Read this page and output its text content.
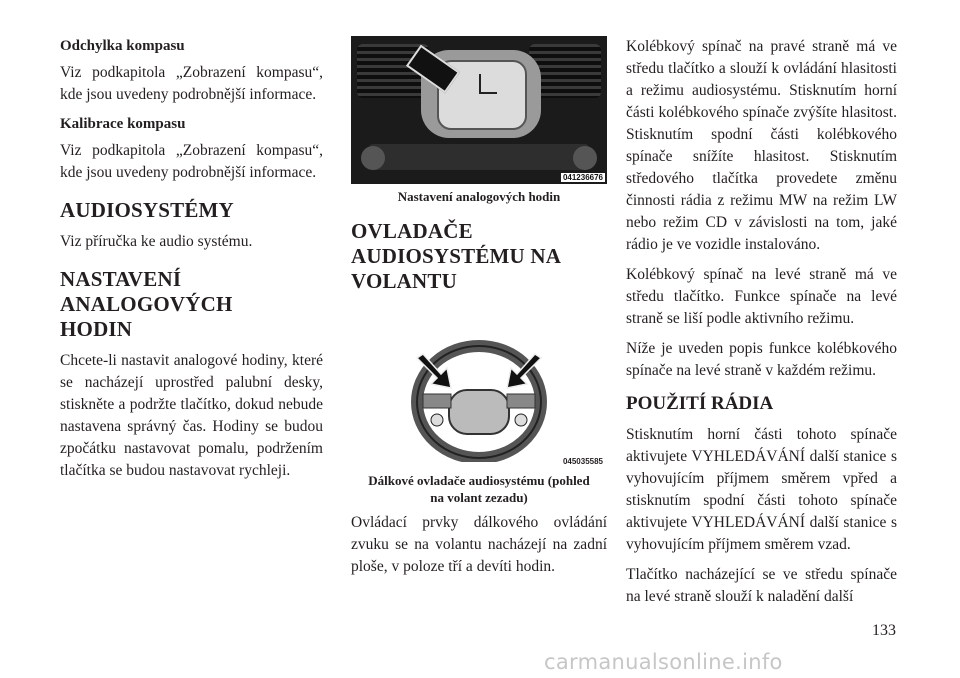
Odchylka kompasu

Viz podkapitola „Zobrazení kompasu“, kde jsou uvedeny podrobnější informace.

Kalibrace kompasu

Viz podkapitola „Zobrazení kompasu“, kde jsou uvedeny podrobnější informace.

AUDIOSYSTÉMY

Viz příručka ke audio systému.

NASTAVENÍ
ANALOGOVÝCH
HODIN

Chcete-li nastavit analogové hodiny, které se nacházejí uprostřed palubní desky, stiskněte a podržte tlačítko, dokud nebude nastavena správný čas. Hodiny se budou zpočátku nastavovat pomalu, podržením tlačítka se budou nastavovat rychleji.

041236676
Nastavení analogových hodin
OVLADAČE
AUDIOSYSTÉMU NA
VOLANTU
045035585
Dálkové ovladače audiosystému (pohled
na volant zezadu)

Ovládací prvky dálkového ovládání zvuku se na volantu nacházejí na zadní ploše, v poloze tří a devíti hodin.

Kolébkový spínač na pravé straně má ve středu tlačítko a slouží k ovládání hlasitosti a režimu audiosystému. Stisknutím horní části kolébkového spínače zvýšíte hlasitost. Stisknutím spodní části kolébkového spínače snížíte hlasitost. Stisknutím středového tlačítka provedete změnu činnosti rádia z režimu MW na režim LW nebo režim CD v závislosti na tom, jaké rádio je ve vozidle instalováno.

Kolébkový spínač na levé straně má ve středu tlačítko. Funkce spínače na levé straně se liší podle aktivního režimu.

Níže je uveden popis funkce kolébkového spínače na levé straně v každém režimu.

POUŽITÍ RÁDIA

Stisknutím horní části tohoto spínače aktivujete VYHLEDÁVÁNÍ další stanice s vyhovujícím příjmem směrem vpřed a stisknutím spodní části tohoto spínače aktivujete VYHLEDÁVÁNÍ další stanice s vyhovujícím příjmem směrem vzad.

Tlačítko nacházející se ve středu spínače na levé straně slouží k naladění další

133
carmanualsonline.info
